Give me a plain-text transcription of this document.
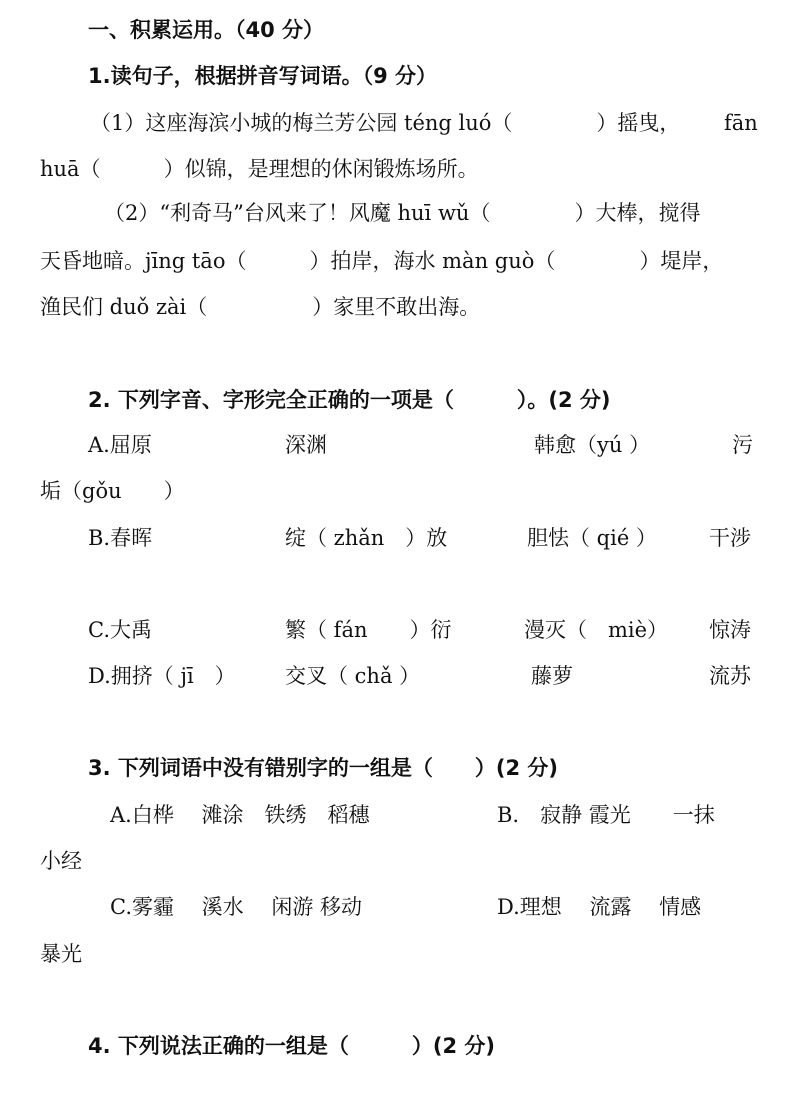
一、积累运用。（40 分）
1.读句子，根据拼音写词语。（9 分）
（1）这座海滨小城的梅兰芳公园 téng luó（　　　　）摇曳， fān
huā（　　　）似锦，是理想的休闲锻炼场所。
（2）“利奇马”台风来了！风魔 huī wǔ（　　　　）大棒，搅得
天昏地暗。jīng tāo（　　　）拍岸，海水 màn guò（　　　　）堤岸，
渔民们 duǒ zài（　　　　　）家里不敢出海。
2. 下列字音、字形完全正确的一项是（　　　）。(2 分)
A.屈原	深渊	韩愈（yú ）	污
垢（gǒu　　）
B.春晖	绽（ zhǎn　）放	胆怯（ qié ） 干涉
C.大禹	繁（ fán　　）衍	漫灭（　miè） 惊涛
D.拥挤（ jī　） 交叉（ chǎ ）	藤萝	流苏
3. 下列词语中没有错别字的一组是（　　）(2 分)
A.白桦　 滩涂　铁绣　稻穗	B.　寂静 霞光　　一抹
小经
C.雾霾　 溪水　 闲游 移动	D.理想　 流露　 情感
暴光
4. 下列说法正确的一组是（　　　）(2 分)
